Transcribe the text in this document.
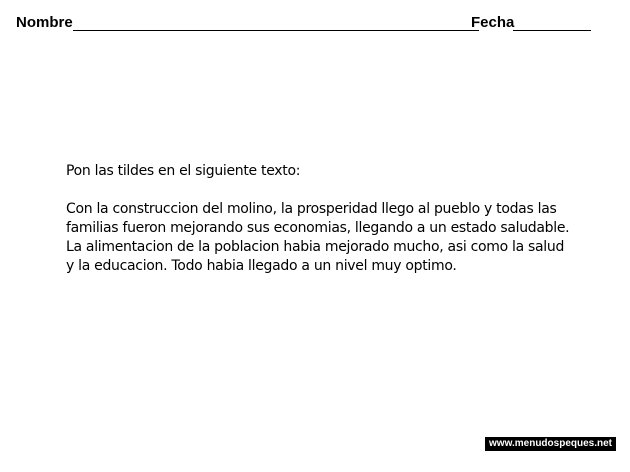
Nombre	Fecha

Pon las tildes en el siguiente texto:

Con la construccion del molino, la prosperidad llego al pueblo y todas las familias fueron mejorando sus economias, llegando a un estado saludable.

La alimentacion de la poblacion habia mejorado mucho, asi como la salud y la educacion. Todo habia llegado a un nivel muy optimo.

www.menudospeques.net
